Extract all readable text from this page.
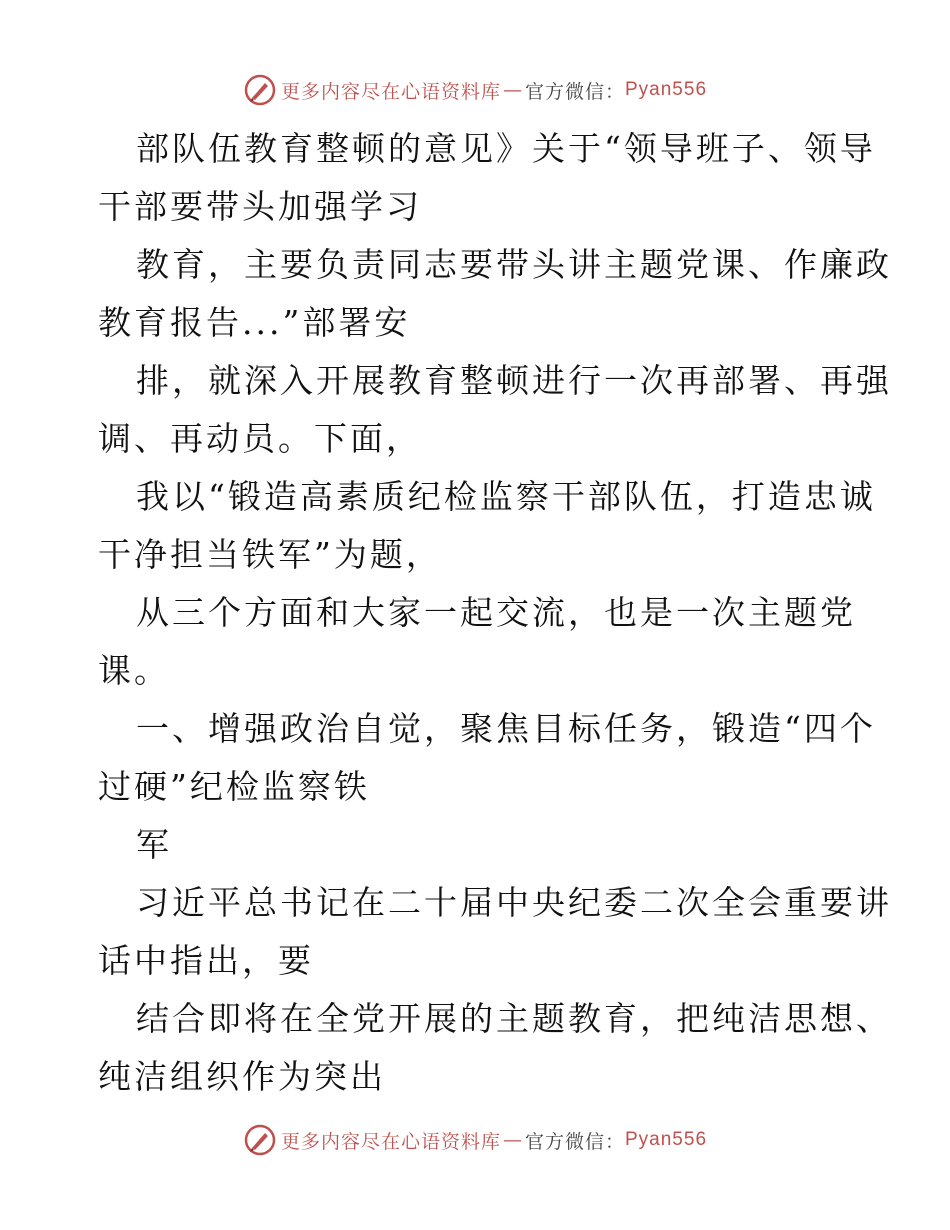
更多内容尽在心语资料库 — 官方微信： Pyan556
部队伍教育整顿的意见》关于“领导班子、领导
干部要带头加强学习
教育，主要负责同志要带头讲主题党课、作廉政
教育报告...”部署安
排，就深入开展教育整顿进行一次再部署、再强
调、再动员。下面，
我以“锻造高素质纪检监察干部队伍，打造忠诚
干净担当铁军”为题，
从三个方面和大家一起交流，也是一次主题党
课。
一、增强政治自觉，聚焦目标任务，锻造“四个
过硬”纪检监察铁
军
习近平总书记在二十届中央纪委二次全会重要讲
话中指出，要
结合即将在全党开展的主题教育，把纯洁思想、
纯洁组织作为突出
更多内容尽在心语资料库 — 官方微信： Pyan556
